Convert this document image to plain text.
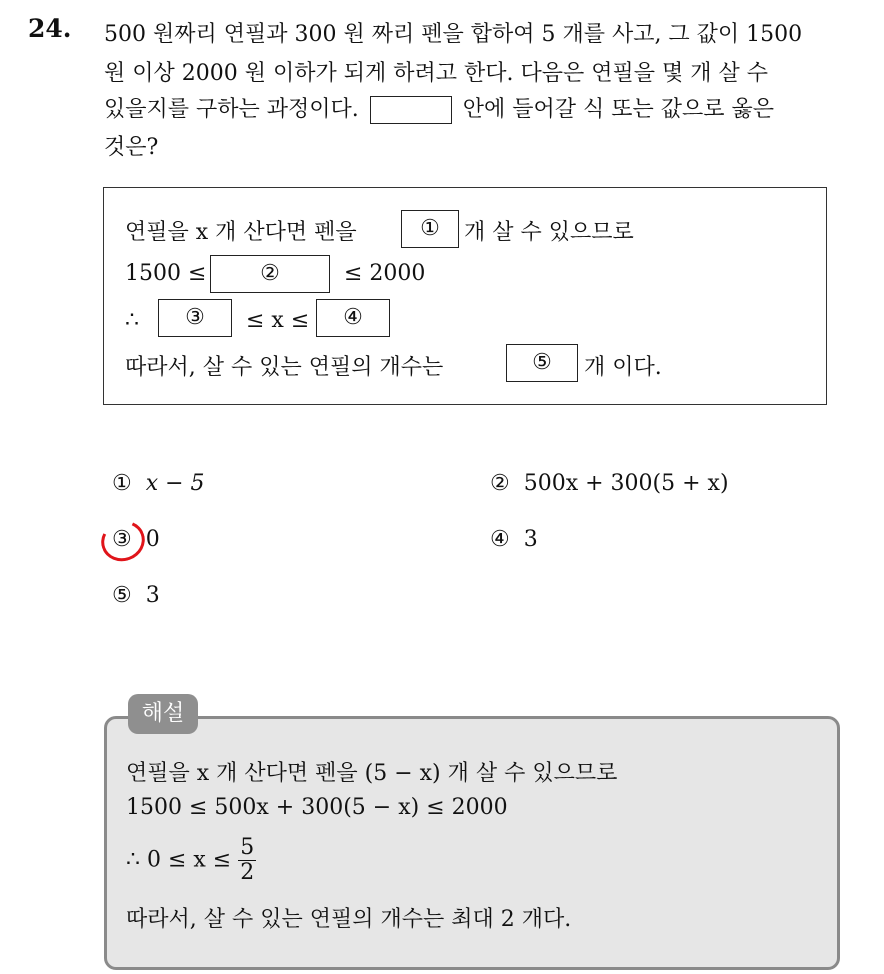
24. 500 원짜리 연필과 300 원 짜리 펜을 합하여 5 개를 사고, 그 값이 1500
원 이상 2000 원 이하가 되게 하려고 한다. 다음은 연필을 몇 개 살 수
있을지를 구하는 과정이다.	안에 들어갈 식 또는 값으로 옳은
것은?
연필을 x 개 산다면 펜을	①	개 살 수 있으므로
1500 ≤	②	≤ 2000
∴	③	≤ x ≤	④
따라서, 살 수 있는 연필의 개수는	⑤	개 이다.
① x − 5	② 500x + 300(5 + x)
③ 0	④ 3
⑤ 3
해설
연필을 x 개 산다면 펜을 (5 − x) 개 살 수 있으므로
1500 ≤ 500x + 300(5 − x) ≤ 2000
∴ $0 \le x \le \frac{5}{2}$
따라서, 살 수 있는 연필의 개수는 최대 2 개다.
